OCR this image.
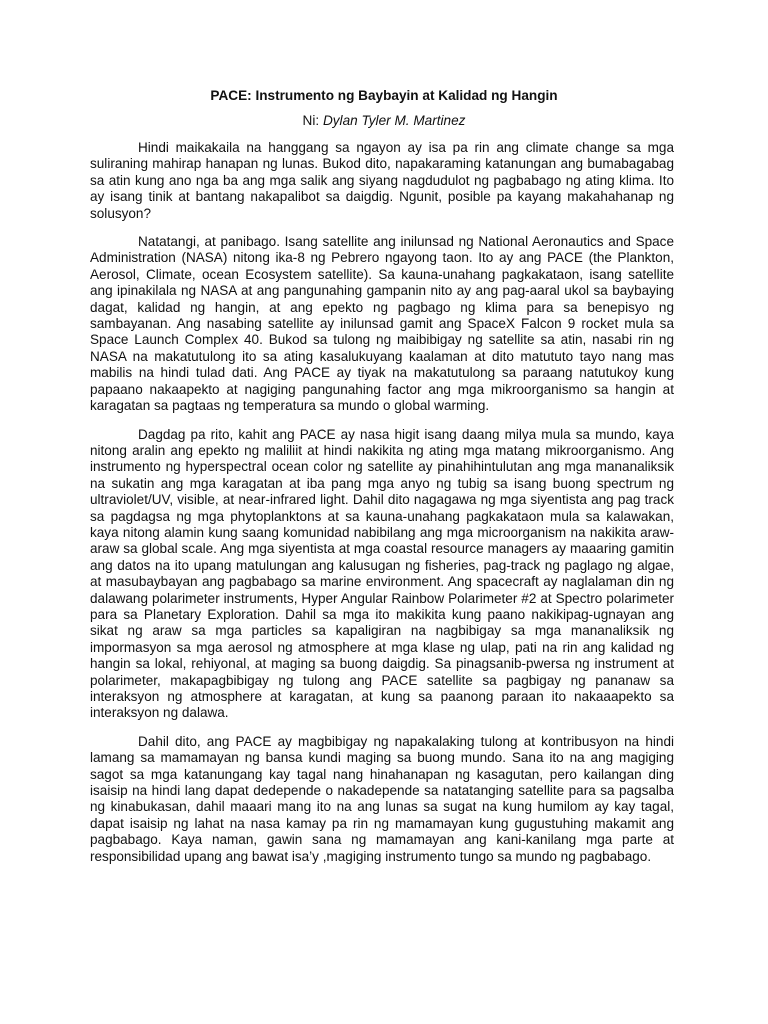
PACE: Instrumento ng Baybayin at Kalidad ng Hangin
Ni: Dylan Tyler M. Martinez

Hindi maikakaila na hanggang sa ngayon ay isa pa rin ang climate change sa mga suliraning mahirap hanapan ng lunas. Bukod dito, napakaraming katanungan ang bumabagabag sa atin kung ano nga ba ang mga salik ang siyang nagdudulot ng pagbabago ng ating klima. Ito ay isang tinik at bantang nakapalibot sa daigdig. Ngunit, posible pa kayang makahahanap ng solusyon?

Natatangi, at panibago. Isang satellite ang inilunsad ng National Aeronautics and Space Administration (NASA) nitong ika-8 ng Pebrero ngayong taon. Ito ay ang PACE (the Plankton, Aerosol, Climate, ocean Ecosystem satellite). Sa kauna-unahang pagkakataon, isang satellite ang ipinakilala ng NASA at ang pangunahing gampanin nito ay ang pag-aaral ukol sa baybaying dagat, kalidad ng hangin, at ang epekto ng pagbago ng klima para sa benepisyo ng sambayanan. Ang nasabing satellite ay inilunsad gamit ang SpaceX Falcon 9 rocket mula sa Space Launch Complex 40. Bukod sa tulong ng maibibigay ng satellite sa atin, nasabi rin ng NASA na makatutulong ito sa ating kasalukuyang kaalaman at dito matututo tayo nang mas mabilis na hindi tulad dati. Ang PACE ay tiyak na makatutulong sa paraang natutukoy kung papaano nakaapekto at nagiging pangunahing factor ang mga mikroorganismo sa hangin at karagatan sa pagtaas ng temperatura sa mundo o global warming.

Dagdag pa rito, kahit ang PACE ay nasa higit isang daang milya mula sa mundo, kaya nitong aralin ang epekto ng maliliit at hindi nakikita ng ating mga matang mikroorganismo. Ang instrumento ng hyperspectral ocean color ng satellite ay pinahihintulutan ang mga mananaliksik na sukatin ang mga karagatan at iba pang mga anyo ng tubig sa isang buong spectrum ng ultraviolet/UV, visible, at near-infrared light. Dahil dito nagagawa ng mga siyentista ang pag track sa pagdagsa ng mga phytoplanktons at sa kauna-unahang pagkakataon mula sa kalawakan, kaya nitong alamin kung saang komunidad nabibilang ang mga microorganism na nakikita araw-araw sa global scale. Ang mga siyentista at mga coastal resource managers ay maaaring gamitin ang datos na ito upang matulungan ang kalusugan ng fisheries, pag-track ng paglago ng algae, at masubaybayan ang pagbabago sa marine environment. Ang spacecraft ay naglalaman din ng dalawang polarimeter instruments, Hyper Angular Rainbow Polarimeter #2 at Spectro polarimeter para sa Planetary Exploration. Dahil sa mga ito makikita kung paano nakikipag-ugnayan ang sikat ng araw sa mga particles sa kapaligiran na nagbibigay sa mga mananaliksik ng impormasyon sa mga aerosol ng atmosphere at mga klase ng ulap, pati na rin ang kalidad ng hangin sa lokal, rehiyonal, at maging sa buong daigdig. Sa pinagsanib-pwersa ng instrument at polarimeter, makapagbibigay ng tulong ang PACE satellite sa pagbigay ng pananaw sa interaksyon ng atmosphere at karagatan, at kung sa paanong paraan ito nakaaapekto sa interaksyon ng dalawa.

Dahil dito, ang PACE ay magbibigay ng napakalaking tulong at kontribusyon na hindi lamang sa mamamayan ng bansa kundi maging sa buong mundo. Sana ito na ang magiging sagot sa mga katanungang kay tagal nang hinahanapan ng kasagutan, pero kailangan ding isaisip na hindi lang dapat dedepende o nakadepende sa natatanging satellite para sa pagsalba ng kinabukasan, dahil maaari mang ito na ang lunas sa sugat na kung humilom ay kay tagal, dapat isaisip ng lahat na nasa kamay pa rin ng mamamayan kung gugustuhing makamit ang pagbabago. Kaya naman, gawin sana ng mamamayan ang kani-kanilang mga parte at responsibilidad upang ang bawat isa’y ,magiging instrumento tungo sa mundo ng pagbabago.
